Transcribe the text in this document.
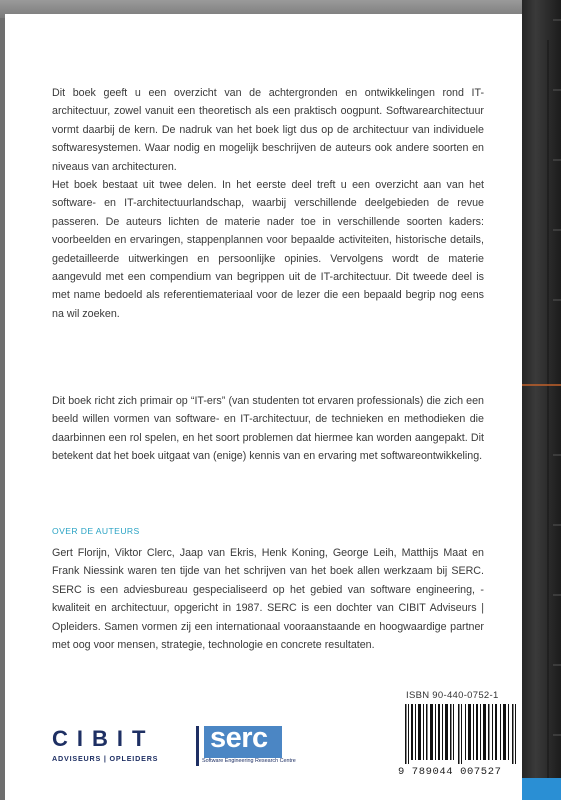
Dit boek geeft u een overzicht van de achtergronden en ontwikkelingen rond IT-architectuur, zowel vanuit een theoretisch als een praktisch oogpunt. Softwarearchitectuur vormt daarbij de kern. De nadruk van het boek ligt dus op de architectuur van individuele softwaresystemen. Waar nodig en mogelijk beschrijven de auteurs ook andere soorten en niveaus van architecturen.

Het boek bestaat uit twee delen. In het eerste deel treft u een overzicht aan van het software- en IT-architectuurlandschap, waarbij verschillende deelgebieden de revue passeren. De auteurs lichten de materie nader toe in verschillende soorten kaders: voorbeelden en ervaringen, stappenplannen voor bepaalde activiteiten, historische details, gedetailleerde uitwerkingen en persoonlijke opinies. Vervolgens wordt de materie aangevuld met een compendium van begrippen uit de IT-architectuur. Dit tweede deel is met name bedoeld als referentiemateriaal voor de lezer die een bepaald begrip nog eens na wil zoeken.

Dit boek richt zich primair op “IT-ers” (van studenten tot ervaren professionals) die zich een beeld willen vormen van software- en IT-architectuur, de technieken en methodieken die daarbinnen een rol spelen, en het soort problemen dat hiermee kan worden aangepakt. Dit betekent dat het boek uitgaat van (enige) kennis van en ervaring met softwareontwikkeling.

OVER DE AUTEURS

Gert Florijn, Viktor Clerc, Jaap van Ekris, Henk Koning, George Leih, Matthijs Maat en Frank Niessink waren ten tijde van het schrijven van het boek allen werkzaam bij SERC. SERC is een adviesbureau gespecialiseerd op het gebied van software engineering, - kwaliteit en architectuur, opgericht in 1987. SERC is een dochter van CIBIT Adviseurs | Opleiders. Samen vormen zij een internationaal vooraanstaande en hoogwaardige partner met oog voor mensen, strategie, technologie en concrete resultaten.

ISBN 90-440-0752-1
9 789044 007527
CIBIT
ADVISEURS | OPLEIDERS
serc
Software Engineering Research Centre
